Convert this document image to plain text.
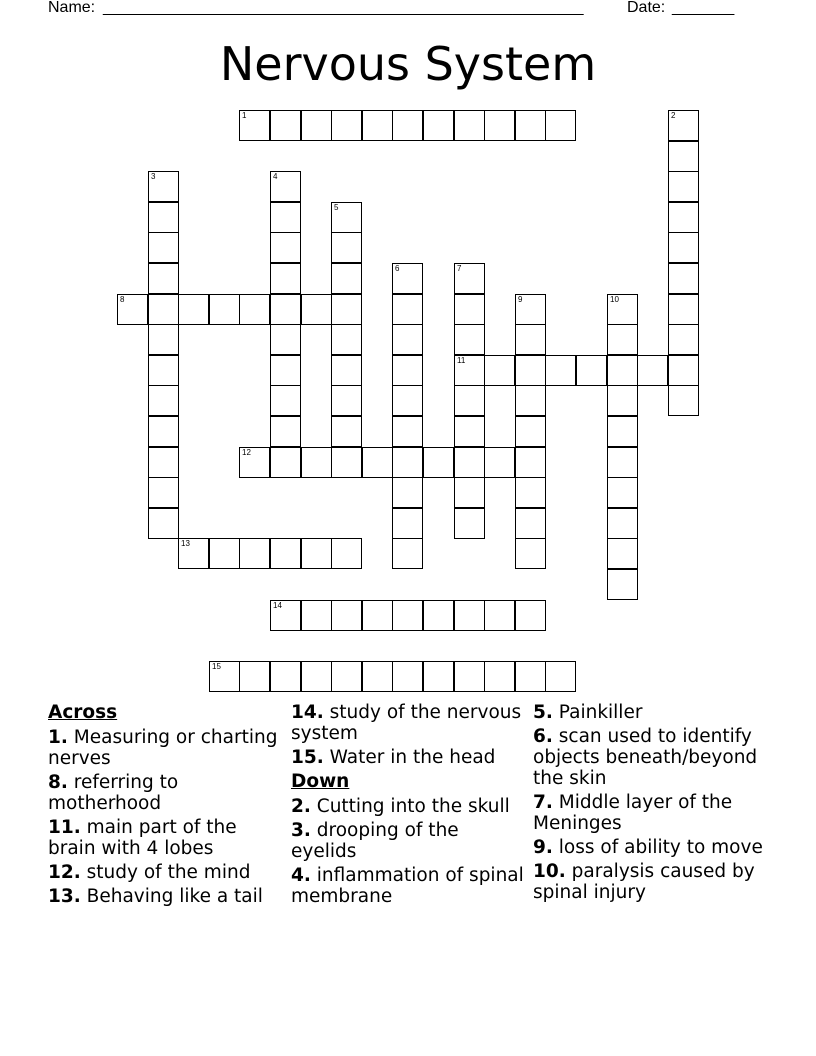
Name: ______________________________________________________	Date: _______
Nervous System
1	2
3	4
5
6	7
11
8	9	10
12
13
14
15
Across
1. Measuring or charting nerves
8. referring to motherhood
11. main part of the brain with 4 lobes
12. study of the mind
13. Behaving like a tail
14. study of the nervous system
15. Water in the head
Down
2. Cutting into the skull
3. drooping of the eyelids
4. inflammation of spinal membrane
5. Painkiller
6. scan used to identify objects beneath/beyond the skin
7. Middle layer of the Meninges
9. loss of ability to move
10. paralysis caused by spinal injury
